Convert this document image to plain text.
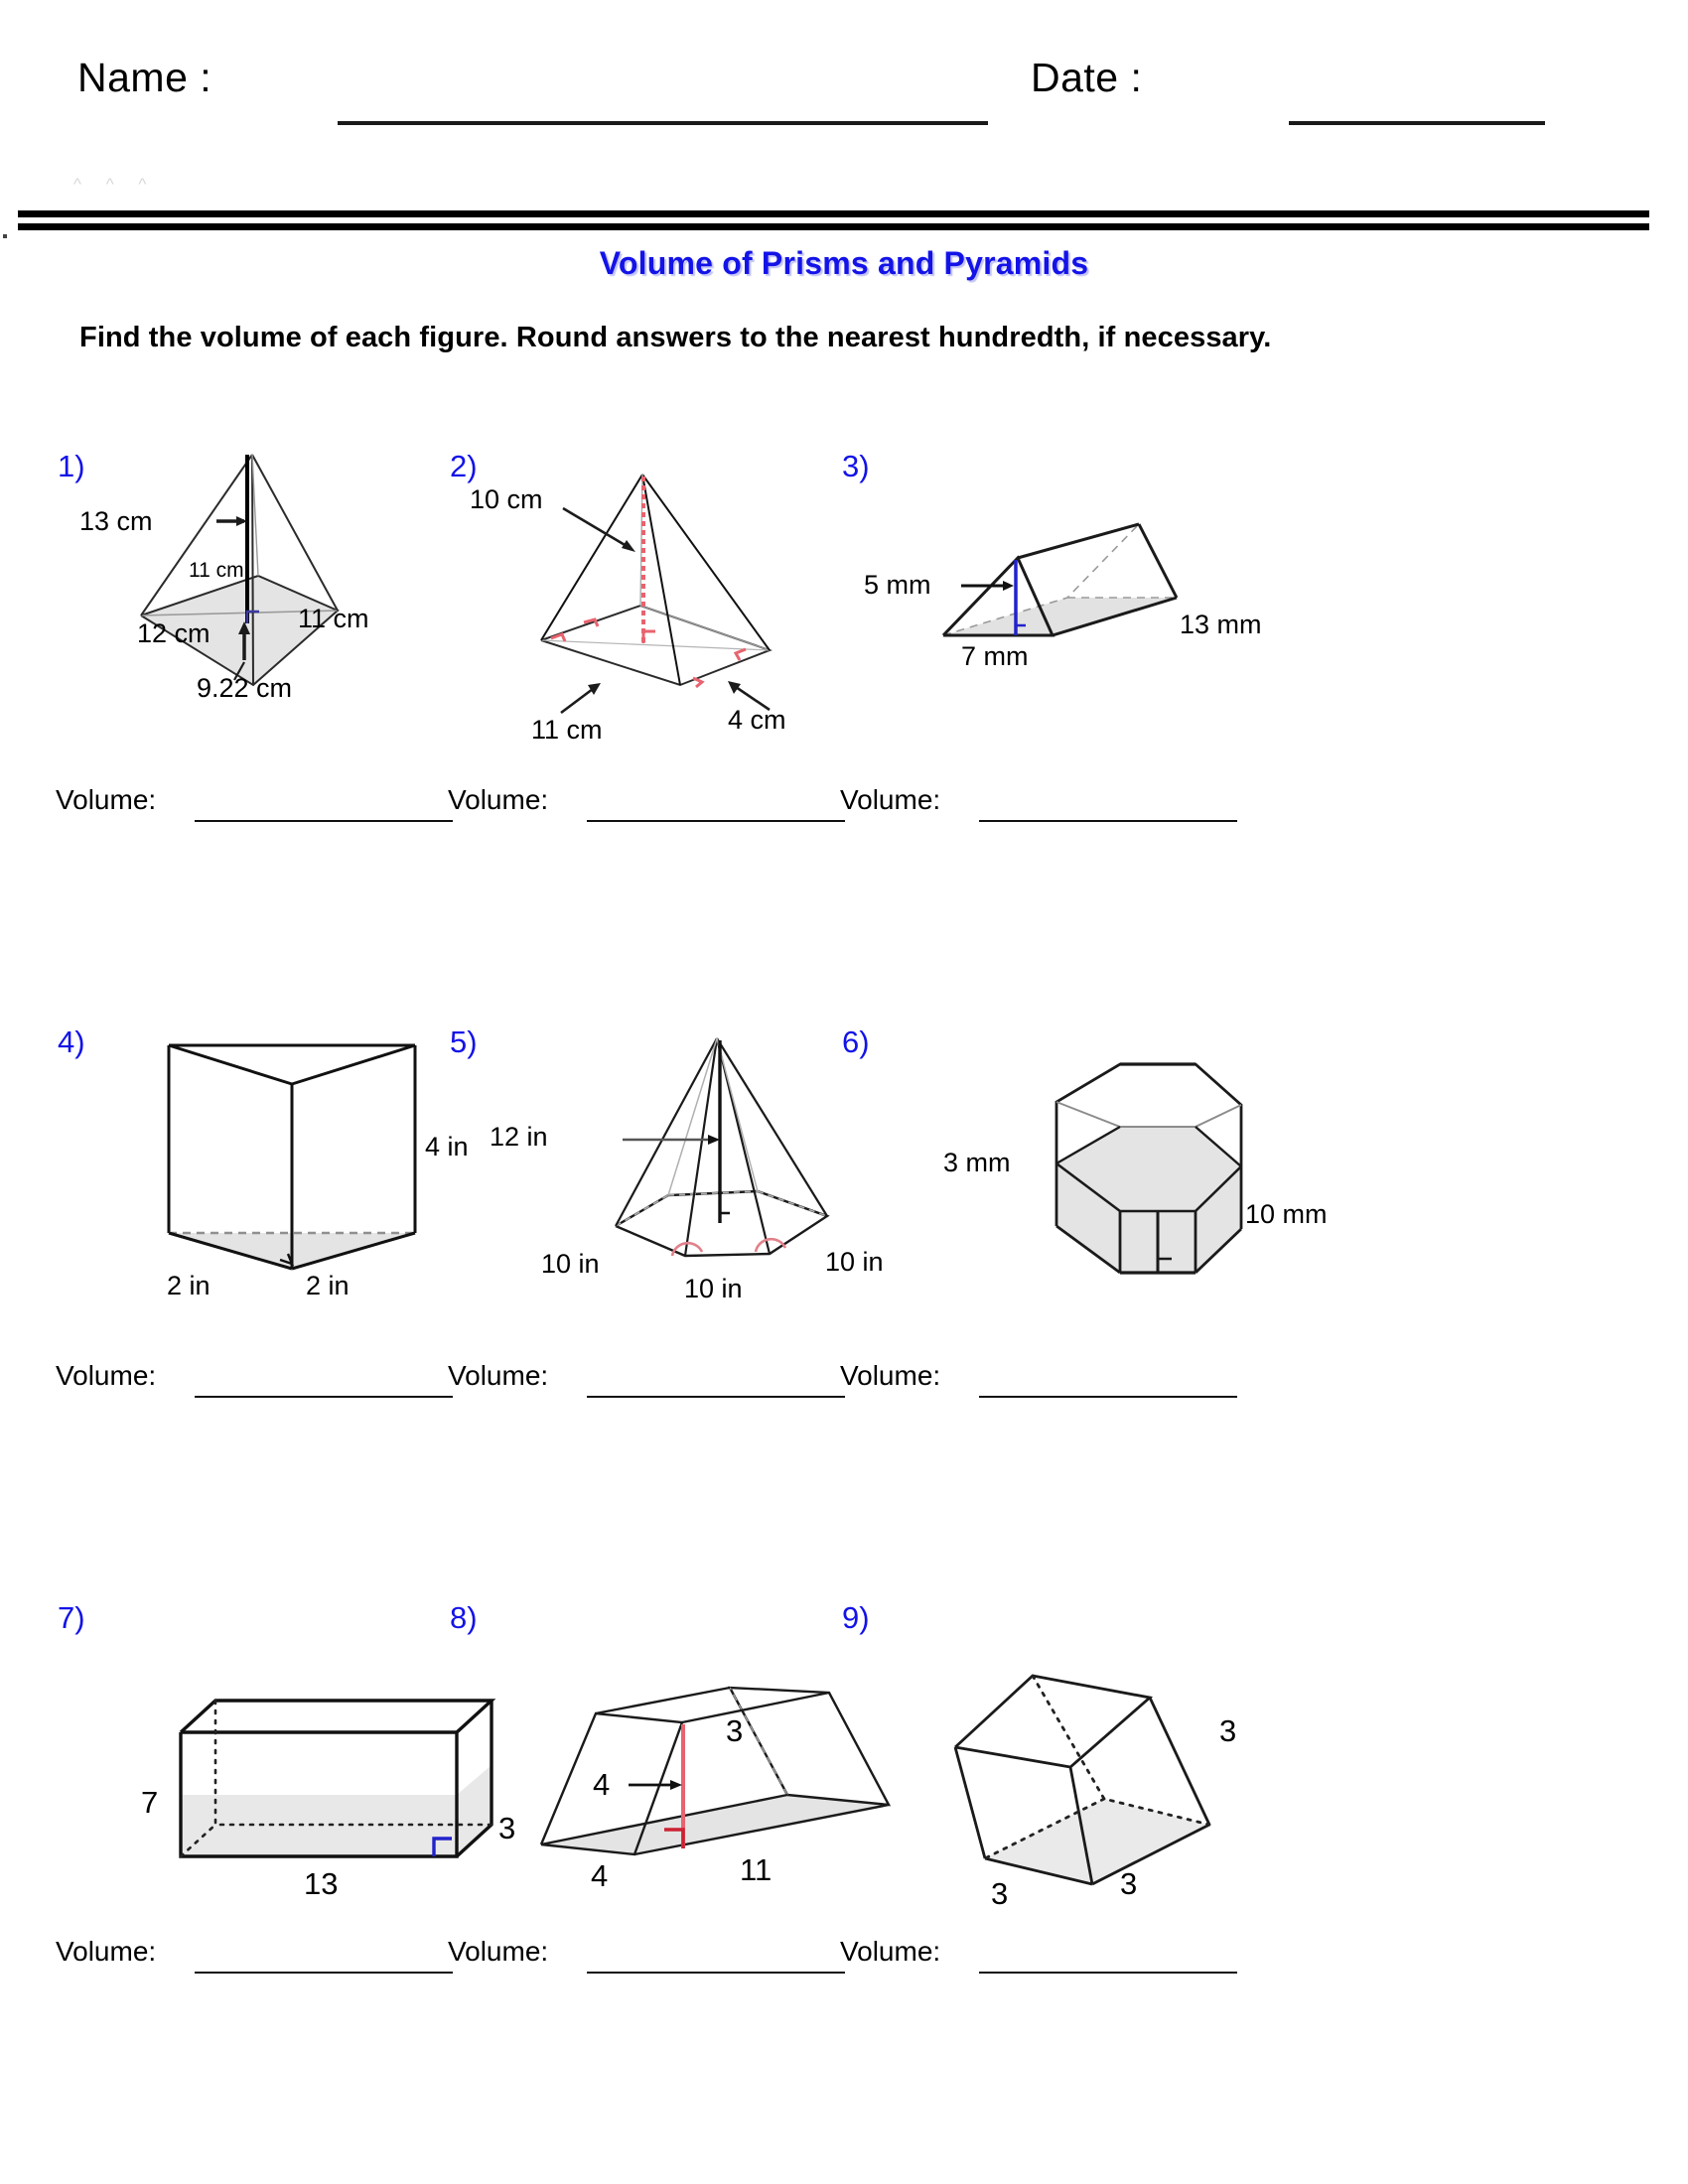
Name :	Date :
^ ^ ^
Volume of Prisms and Pyramids
Find the volume of each figure. Round answers to the nearest hundredth, if necessary.
1)
13 cm
11 cm
12 cm	11 cm
9.22 cm
Volume:
2)
10 cm
11 cm	4 cm
Volume:
3)
5 mm
7 mm
13 mm
Volume:
4)
4 in
2 in	2 in
Volume:
5)
12 in
10 in
10 in
10 in
Volume:
6)
3 mm
10 mm
Volume:
7)
7
13
3
Volume:
8)
3
4
4	11
Volume:
9)
3
3	3
Volume:
